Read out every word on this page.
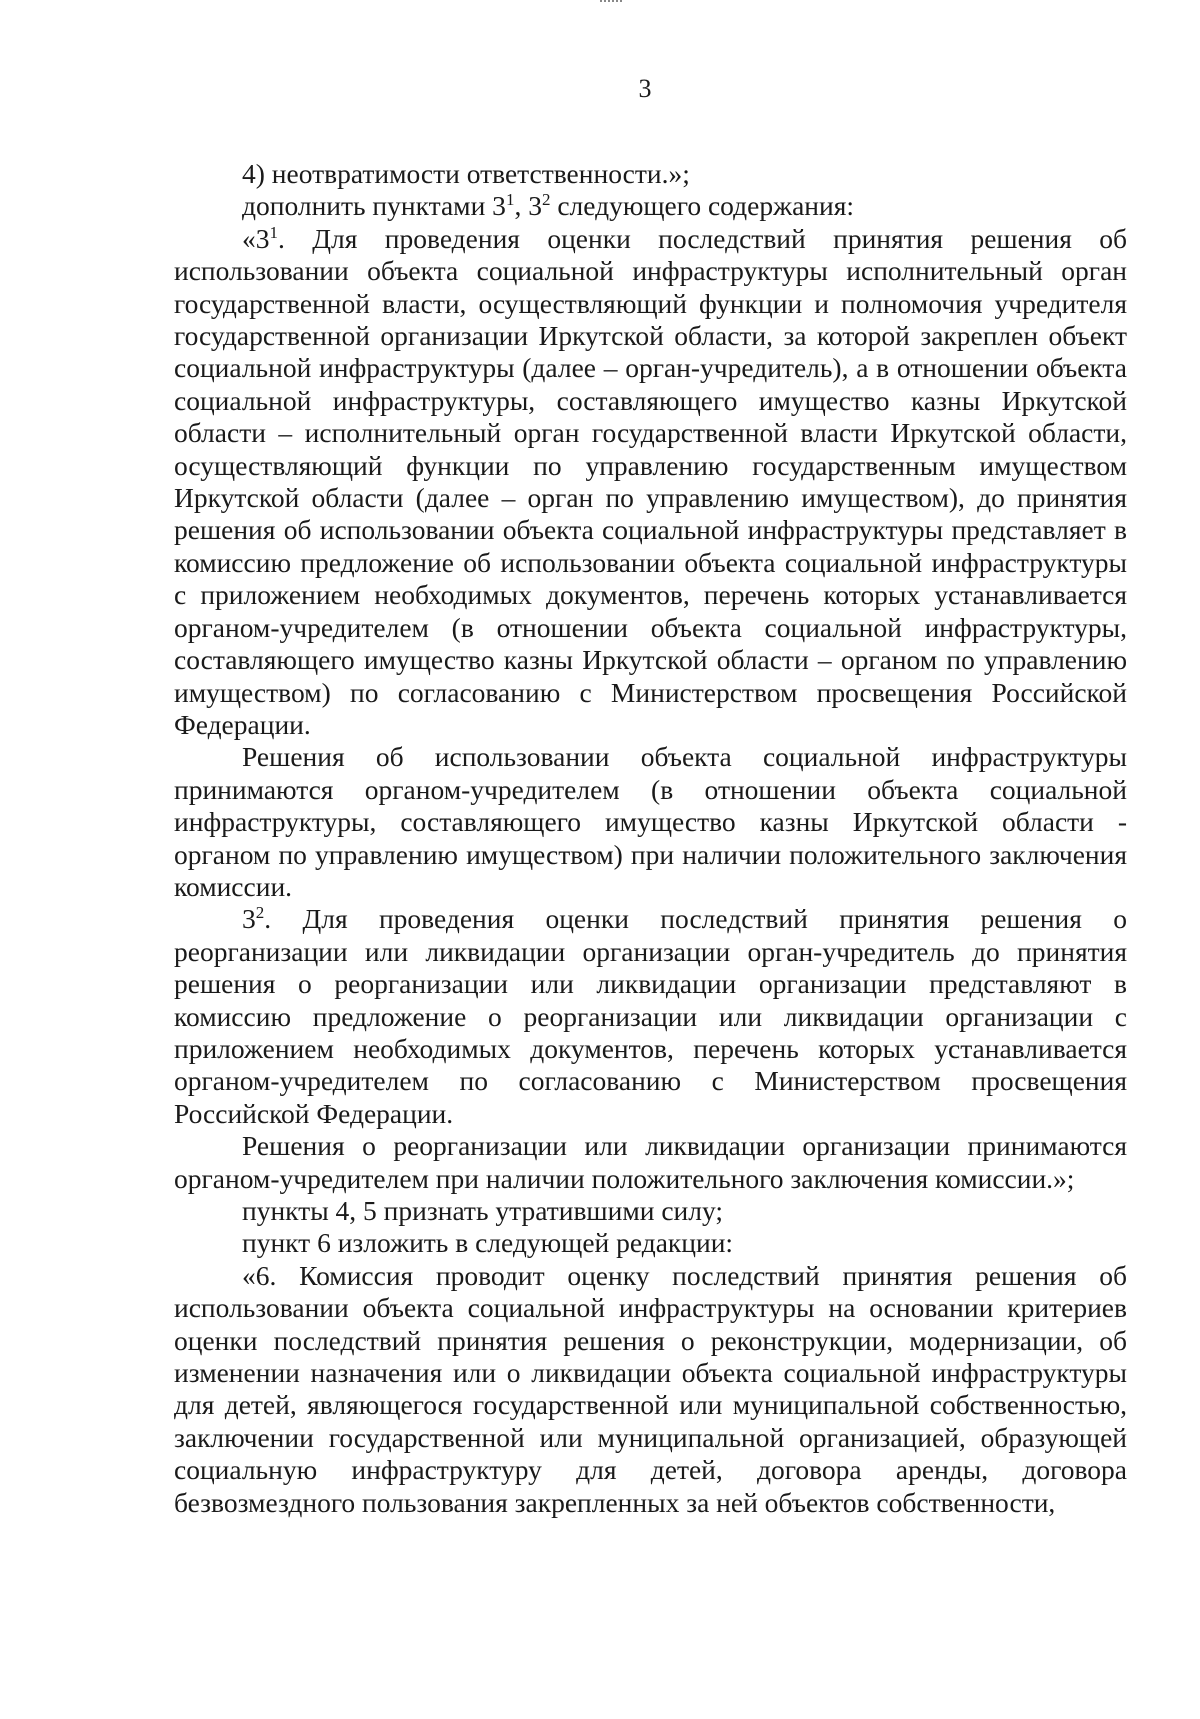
3

4) неотвратимости ответственности.»;

дополнить пунктами $3^1$, $3^2$ следующего содержания:

«$3^1$. Для проведения оценки последствий принятия решения об использовании объекта социальной инфраструктуры исполнительный орган государственной власти, осуществляющий функции и полномочия учредителя государственной организации Иркутской области, за которой закреплен объект социальной инфраструктуры (далее – орган-учредитель), а в отношении объекта социальной инфраструктуры, составляющего имущество казны Иркутской области – исполнительный орган государственной власти Иркутской области, осуществляющий функции по управлению государственным имуществом Иркутской области (далее – орган по управлению имуществом), до принятия решения об использовании объекта социальной инфраструктуры представляет в комиссию предложение об использовании объекта социальной инфраструктуры с приложением необходимых документов, перечень которых устанавливается органом-учредителем (в отношении объекта социальной инфраструктуры, составляющего имущество казны Иркутской области – органом по управлению имуществом) по согласованию с Министерством просвещения Российской Федерации.

Решения об использовании объекта социальной инфраструктуры принимаются органом-учредителем (в отношении объекта социальной инфраструктуры, составляющего имущество казны Иркутской области - органом по управлению имуществом) при наличии положительного заключения комиссии.

$3^2$. Для проведения оценки последствий принятия решения о реорганизации или ликвидации организации орган-учредитель до принятия решения о реорганизации или ликвидации организации представляют в комиссию предложение о реорганизации или ликвидации организации с приложением необходимых документов, перечень которых устанавливается органом-учредителем по согласованию с Министерством просвещения Российской Федерации.

Решения о реорганизации или ликвидации организации принимаются органом-учредителем при наличии положительного заключения комиссии.»;

пункты 4, 5 признать утратившими силу;

пункт 6 изложить в следующей редакции:

«6. Комиссия проводит оценку последствий принятия решения об использовании объекта социальной инфраструктуры на основании критериев оценки последствий принятия решения о реконструкции, модернизации, об изменении назначения или о ликвидации объекта социальной инфраструктуры для детей, являющегося государственной или муниципальной собственностью, заключении государственной или муниципальной организацией, образующей социальную инфраструктуру для детей, договора аренды, договора безвозмездного пользования закрепленных за ней объектов собственности,
